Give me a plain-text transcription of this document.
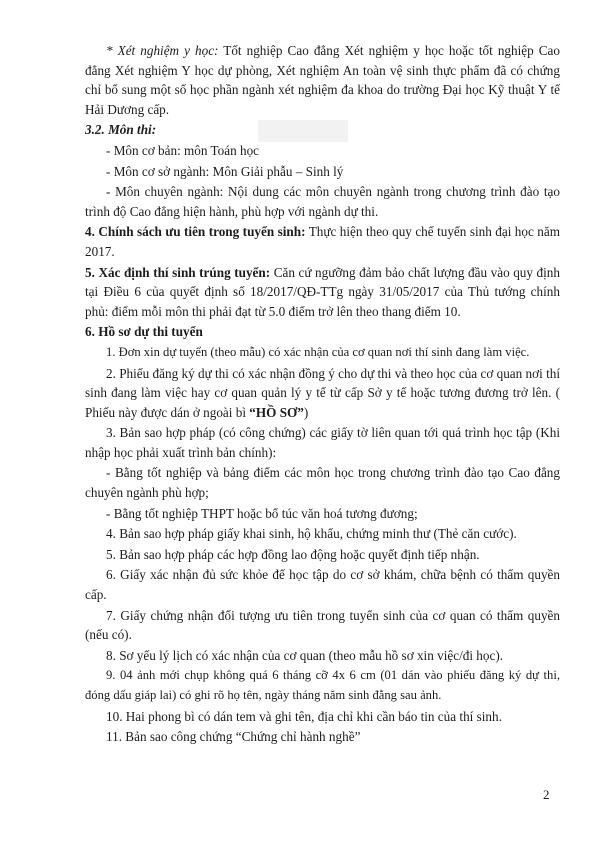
* Xét nghiệm y học: Tốt nghiệp Cao đẳng Xét nghiệm y học hoặc tốt nghiệp Cao đẳng Xét nghiệm Y học dự phòng, Xét nghiệm An toàn vệ sinh thực phẩm đã có chứng chỉ bổ sung một số học phần ngành xét nghiệm đa khoa do trường Đại học Kỹ thuật Y tế Hải Dương cấp.

3.2. Môn thi:

- Môn cơ bản: môn Toán học

- Môn cơ sở ngành: Môn Giải phẫu – Sinh lý

- Môn chuyên ngành: Nội dung các môn chuyên ngành trong chương trình đào tạo trình độ Cao đẳng hiện hành, phù hợp với ngành dự thi.

4. Chính sách ưu tiên trong tuyển sinh: Thực hiện theo quy chế tuyển sinh đại học năm 2017.

5. Xác định thí sinh trúng tuyển: Căn cứ ngưỡng đảm bảo chất lượng đầu vào quy định tại Điều 6 của quyết định số 18/2017/QĐ-TTg ngày 31/05/2017 của Thủ tướng chính phủ: điểm mỗi môn thi phải đạt từ 5.0 điểm trở lên theo thang điểm 10.

6. Hồ sơ dự thi tuyển

1. Đơn xin dự tuyển (theo mẫu) có xác nhận của cơ quan nơi thí sinh đang làm việc.

2. Phiếu đăng ký dự thi có xác nhận đồng ý cho dự thi và theo học của cơ quan nơi thí sinh đang làm việc hay cơ quan quản lý y tế từ cấp Sở y tế hoặc tương đương trở lên. ( Phiếu này được dán ở ngoài bì “HỒ SƠ”)

3. Bản sao hợp pháp (có công chứng) các giấy tờ liên quan tới quá trình học tập (Khi nhập học phải xuất trình bản chính):

- Bằng tốt nghiệp và bảng điểm các môn học trong chương trình đào tạo Cao đẳng chuyên ngành phù hợp;

- Bằng tốt nghiệp THPT hoặc bổ túc văn hoá tương đương;

4. Bản sao hợp pháp giấy khai sinh, hộ khẩu, chứng minh thư (Thẻ căn cước).

5. Bản sao hợp pháp các hợp đồng lao động hoặc quyết định tiếp nhận.

6. Giấy xác nhận đủ sức khỏe để học tập do cơ sở khám, chữa bệnh có thẩm quyền cấp.

7. Giấy chứng nhận đối tượng ưu tiên trong tuyển sinh của cơ quan có thẩm quyền (nếu có).

8. Sơ yếu lý lịch có xác nhận của cơ quan (theo mẫu hồ sơ xin việc/đi học).

9. 04 ảnh mới chụp không quá 6 tháng cỡ 4x 6 cm (01 dán vào phiếu đăng ký dự thi, đóng dấu giáp lai) có ghi rõ họ tên, ngày tháng năm sinh đằng sau ảnh.

10. Hai phong bì có dán tem và ghi tên, địa chỉ khi cần báo tin của thí sinh.

11. Bản sao công chứng “Chứng chỉ hành nghề”

2
